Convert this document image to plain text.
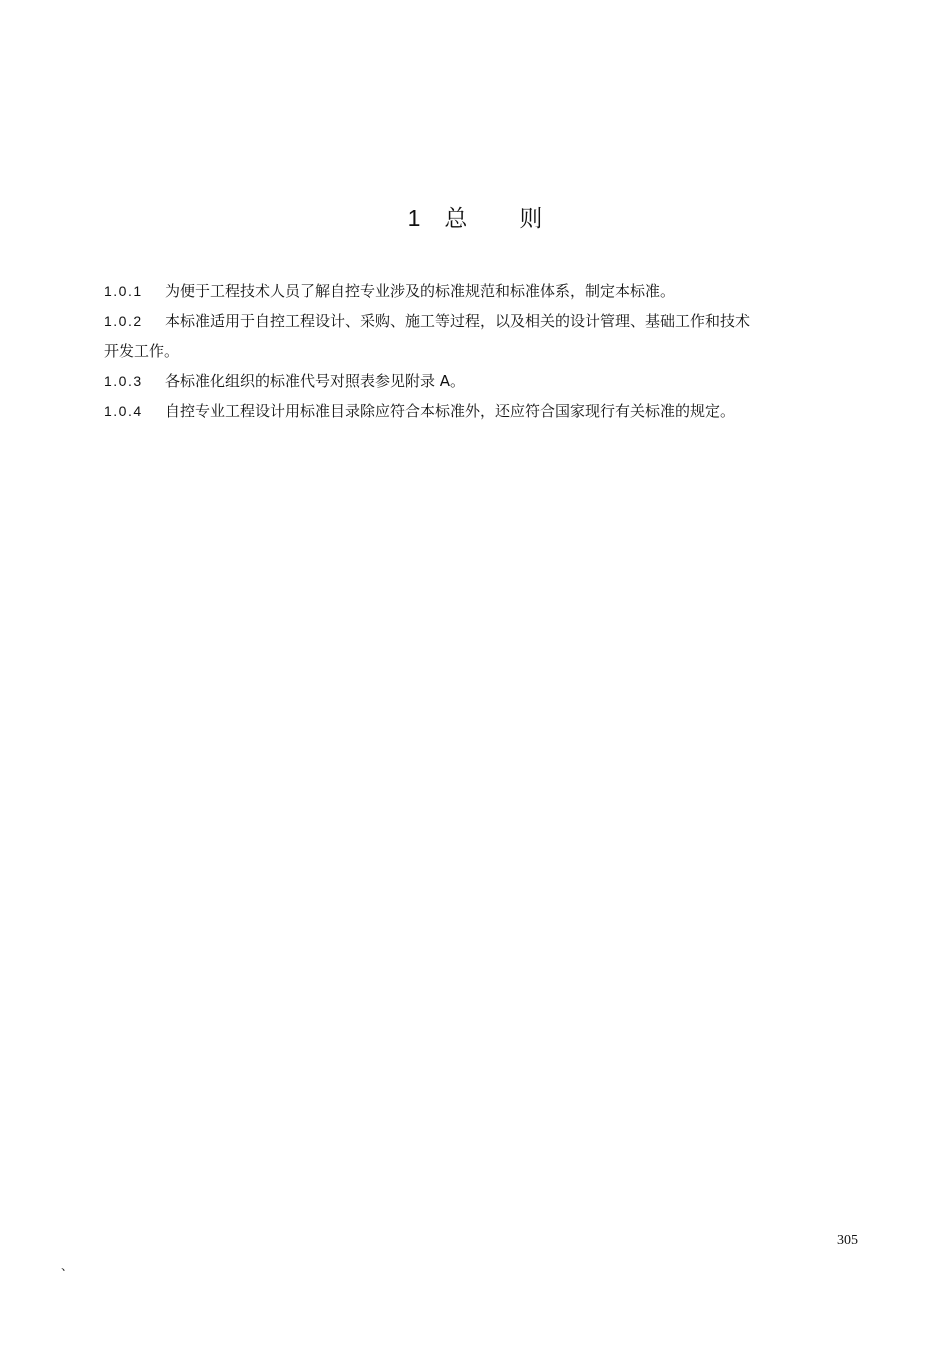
1 总 则

1.0.1 为便于工程技术人员了解自控专业涉及的标准规范和标准体系，制定本标准。

1.0.2 本标准适用于自控工程设计、采购、施工等过程，以及相关的设计管理、基础工作和技术
开发工作。

1.0.3 各标准化组织的标准代号对照表参见附录 A。

1.0.4 自控专业工程设计用标准目录除应符合本标准外，还应符合国家现行有关标准的规定。

305
、
